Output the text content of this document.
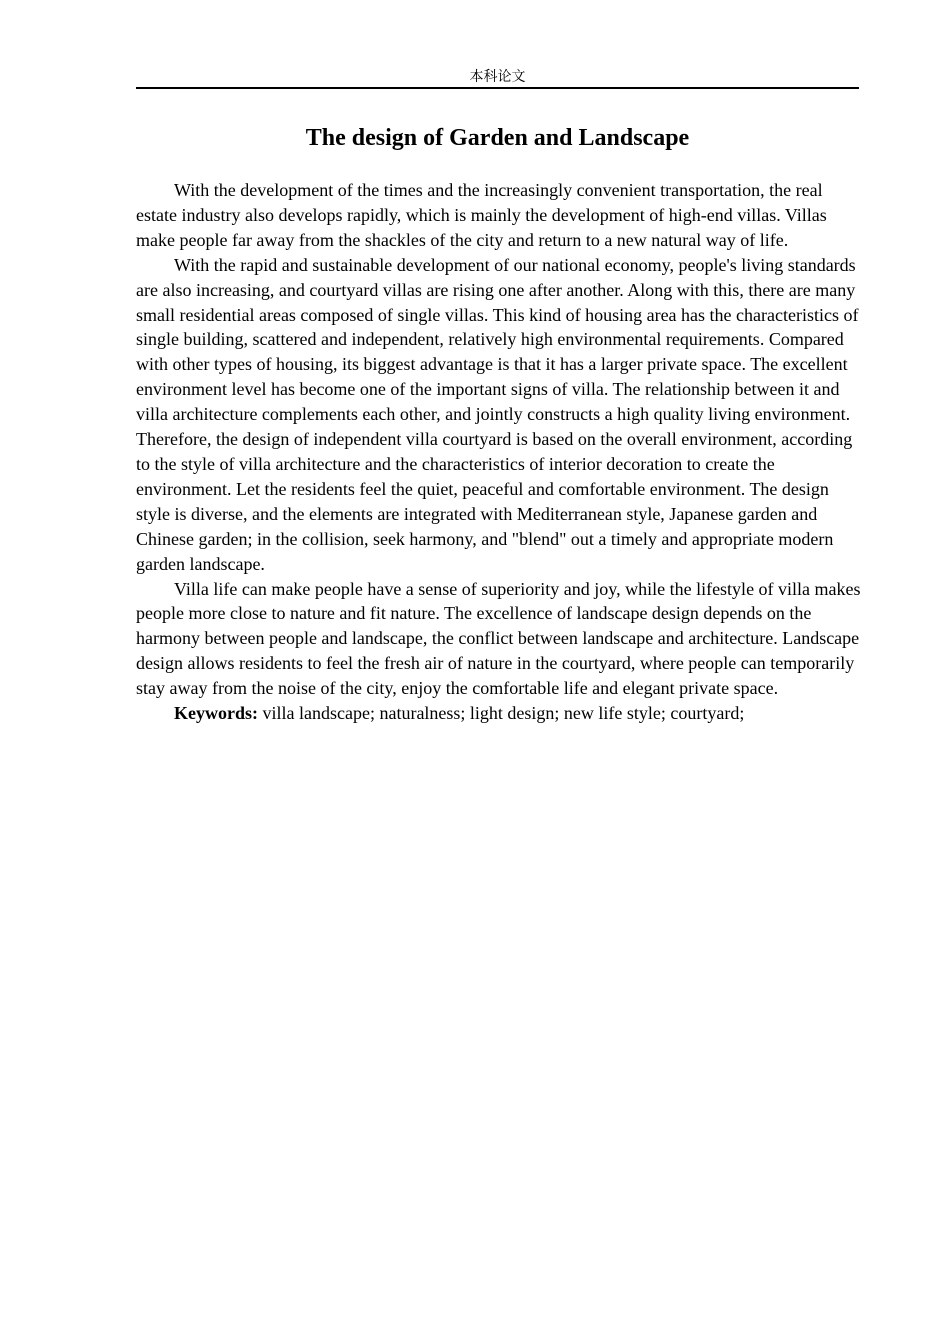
本科论文
The design of Garden and Landscape

With the development of the times and the increasingly convenient transportation, the real estate industry also develops rapidly, which is mainly the development of high-end villas. Villas make people far away from the shackles of the city and return to a new natural way of life.

With the rapid and sustainable development of our national economy, people's living standards are also increasing, and courtyard villas are rising one after another. Along with this, there are many small residential areas composed of single villas. This kind of housing area has the characteristics of single building, scattered and independent, relatively high environmental requirements. Compared with other types of housing, its biggest advantage is that it has a larger private space. The excellent environment level has become one of the important signs of villa. The relationship between it and villa architecture complements each other, and jointly constructs a high quality living environment. Therefore, the design of independent villa courtyard is based on the overall environment, according to the style of villa architecture and the characteristics of interior decoration to create the environment. Let the residents feel the quiet, peaceful and comfortable environment. The design style is diverse, and the elements are integrated with Mediterranean style, Japanese garden and Chinese garden; in the collision, seek harmony, and "blend" out a timely and appropriate modern garden landscape.

Villa life can make people have a sense of superiority and joy, while the lifestyle of villa makes people more close to nature and fit nature. The excellence of landscape design depends on the harmony between people and landscape, the conflict between landscape and architecture. Landscape design allows residents to feel the fresh air of nature in the courtyard, where people can temporarily stay away from the noise of the city, enjoy the comfortable life and elegant private space.

Keywords: villa landscape; naturalness; light design; new life style; courtyard;
